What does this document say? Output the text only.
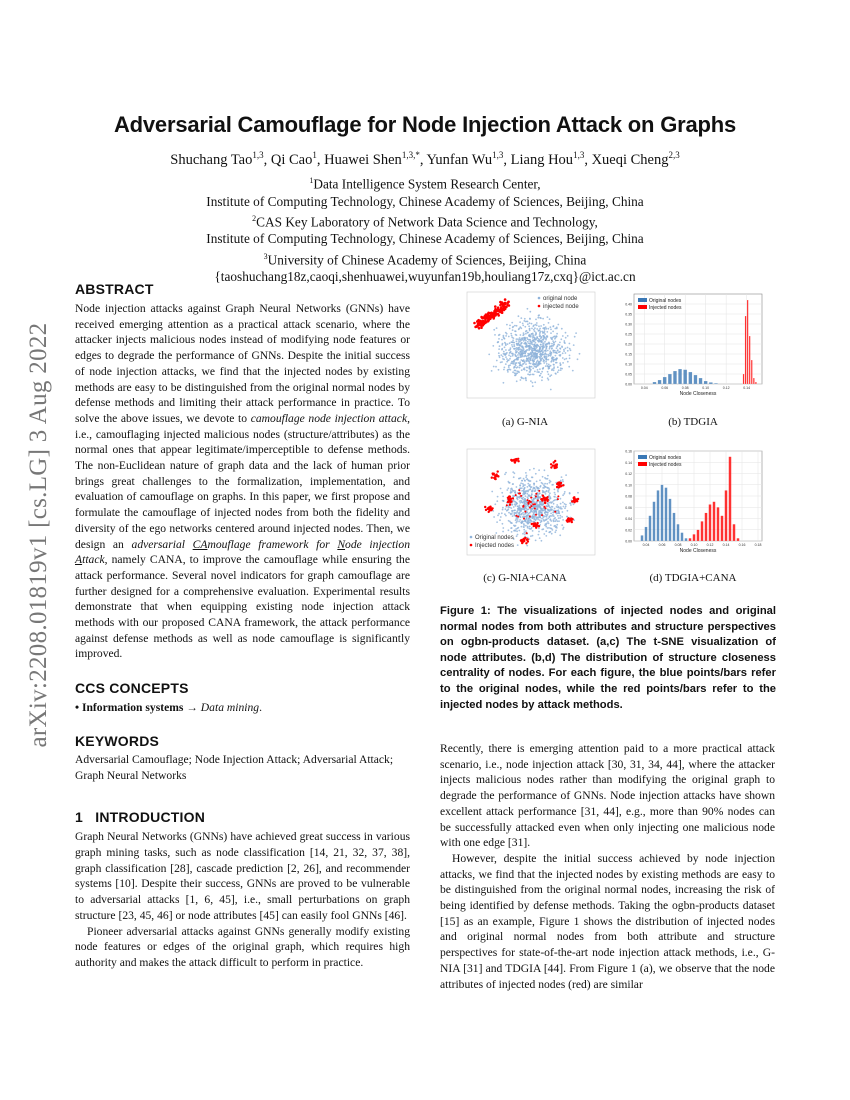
Adversarial Camouflage for Node Injection Attack on Graphs
Shuchang Tao$^{1,3}$, Qi Cao$^1$, Huawei Shen$^{1,3,*}$, Yunfan Wu$^{1,3}$, Liang Hou$^{1,3}$, Xueqi Cheng$^{2,3}$
$^1$Data Intelligence System Research Center,
Institute of Computing Technology, Chinese Academy of Sciences, Beijing, China
$^2$CAS Key Laboratory of Network Data Science and Technology,
Institute of Computing Technology, Chinese Academy of Sciences, Beijing, China
$^3$University of Chinese Academy of Sciences, Beijing, China
{taoshuchang18z,caoqi,shenhuawei,wuyunfan19b,houliang17z,cxq}@ict.ac.cn
arXiv:2208.01819v1 [cs.LG] 3 Aug 2022
ABSTRACT

Node injection attacks against Graph Neural Networks (GNNs) have received emerging attention as a practical attack scenario, where the attacker injects malicious nodes instead of modifying node features or edges to degrade the performance of GNNs. Despite the initial success of node injection attacks, we find that the injected nodes by existing methods are easy to be distinguished from the original normal nodes by defense methods and limiting their attack performance in practice. To solve the above issues, we devote to camouflage node injection attack, i.e., camouflaging injected malicious nodes (structure/attributes) as the normal ones that appear legitimate/imperceptible to defense methods. The non-Euclidean nature of graph data and the lack of human prior brings great challenges to the formalization, implementation, and evaluation of camouflage on graphs. In this paper, we first propose and formulate the camouflage of injected nodes from both the fidelity and diversity of the ego networks centered around injected nodes. Then, we design an adversarial CAmouflage framework for Node injection Attack, namely CANA, to improve the camouflage while ensuring the attack performance. Several novel indicators for graph camouflage are further designed for a comprehensive evaluation. Experimental results demonstrate that when equipping existing node injection attack methods with our proposed CANA framework, the attack performance against defense methods as well as node camouflage is significantly improved.

CCS CONCEPTS

• Information systems → Data mining.

KEYWORDS

Adversarial Camouflage; Node Injection Attack; Adversarial Attack; Graph Neural Networks

1 INTRODUCTION

Graph Neural Networks (GNNs) have achieved great success in various graph mining tasks, such as node classification [14, 21, 32, 37, 38], graph classification [28], cascade prediction [2, 26], and recommender systems [10]. Despite their success, GNNs are proved to be vulnerable to adversarial attacks [1, 6, 45], i.e., small perturbations on graph structure [23, 45, 46] or node attributes [45] can easily fool GNNs [46].

Pioneer adversarial attacks against GNNs generally modify existing node features or edges of the original graph, which requires high authority and makes the attack difficult to perform in practice.

original node
injected node
0.00
0.05
0.10
0.15
0.20
0.25
0.30
0.35
0.40
0.04	0.06	0.08	0.10	0.12	0.14
Node Closeness
Original nodes
Injected nodes
Original nodes
Injected nodes
0.00
0.02
0.04
0.06
0.08
0.10
0.12
0.14
0.16
0.04	0.06	0.08	0.10	0.12	0.14	0.16	0.18
Node Closeness
Original nodes
Injected nodes
(a) G-NIA	(b) TDGIA
(c) G-NIA+CANA	(d) TDGIA+CANA
Figure 1: The visualizations of injected nodes and original normal nodes from both attributes and structure perspectives on ogbn-products dataset. (a,c) The t-SNE visualization of node attributes. (b,d) The distribution of structure closeness centrality of nodes. For each figure, the blue points/bars refer to the original nodes, while the red points/bars refer to the injected nodes by attack methods.

Recently, there is emerging attention paid to a more practical attack scenario, i.e., node injection attack [30, 31, 34, 44], where the attacker injects malicious nodes rather than modifying the original graph to degrade the performance of GNNs. Node injection attacks have shown excellent attack performance [31, 44], e.g., more than 90% nodes can be successfully attacked even when only injecting one malicious node with one edge [31].

However, despite the initial success achieved by node injection attacks, we find that the injected nodes by existing methods are easy to be distinguished from the original normal nodes, increasing the risk of being identified by defense methods. Taking the ogbn-products dataset [15] as an example, Figure 1 shows the distribution of injected nodes and original normal nodes from both attribute and structure perspectives for state-of-the-art node injection attack methods, i.e., G-NIA [31] and TDGIA [44]. From Figure 1 (a), we observe that the node attributes of injected nodes (red) are similar
